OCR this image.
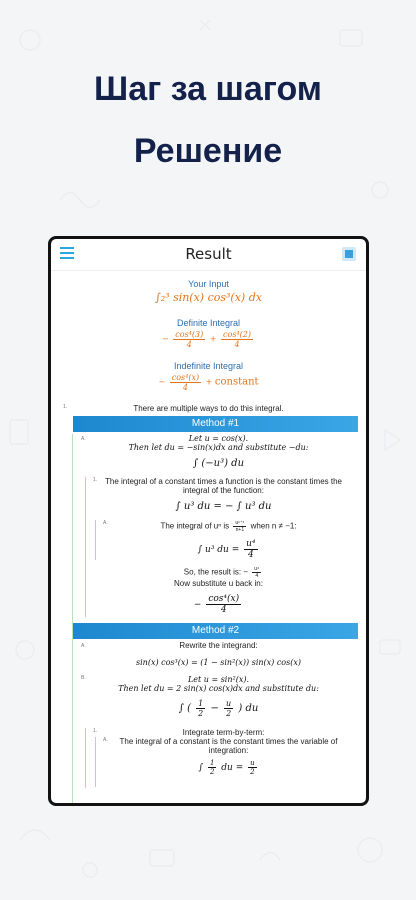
Шаг за шагом
Решение
Result
Your Input
∫₂³ sin(x) cos³(x) dx
Definite Integral
− $\frac{\text{cos⁴(3)}}{4} + \frac{\text{cos⁴(2)}}{4}$
Indefinite Integral
− $\frac{\text{cos⁴(x)}}{4}$ + constant
1.	There are multiple ways to do this integral.
Method #1
A.	Let u = cos(x).
Then let du = −sin(x)dx and substitute −du:
∫ (−u³) du
1. The integral of a constant times a function is the constant times the integral of the function:
∫ u³ du = − ∫ u³ du
A.	The integral of uⁿ is $\frac{\text{uⁿ⁺¹}}{n+1}$ when n ≠ −1:
∫ u³ du = $\frac{\text{u⁴}}{4}$
So, the result is: − $\frac{\text{u⁴}}{4}$
Now substitute u back in:
− $\frac{\text{cos⁴(x)}}{4}$
Method #2
A.	Rewrite the integrand:
sin(x) cos³(x) = (1 − sin²(x)) sin(x) cos(x)
B.	Let u = sin²(x).
Then let du = 2 sin(x) cos(x)dx and substitute du:
∫ ( $\frac{1}{2} - \frac{u}{2}$ ) du
1.	Integrate term-by-term:
A.	The integral of a constant is the constant times the variable of integration:
∫ $\frac{1}{2}$ du = $\frac{u}{2}$
